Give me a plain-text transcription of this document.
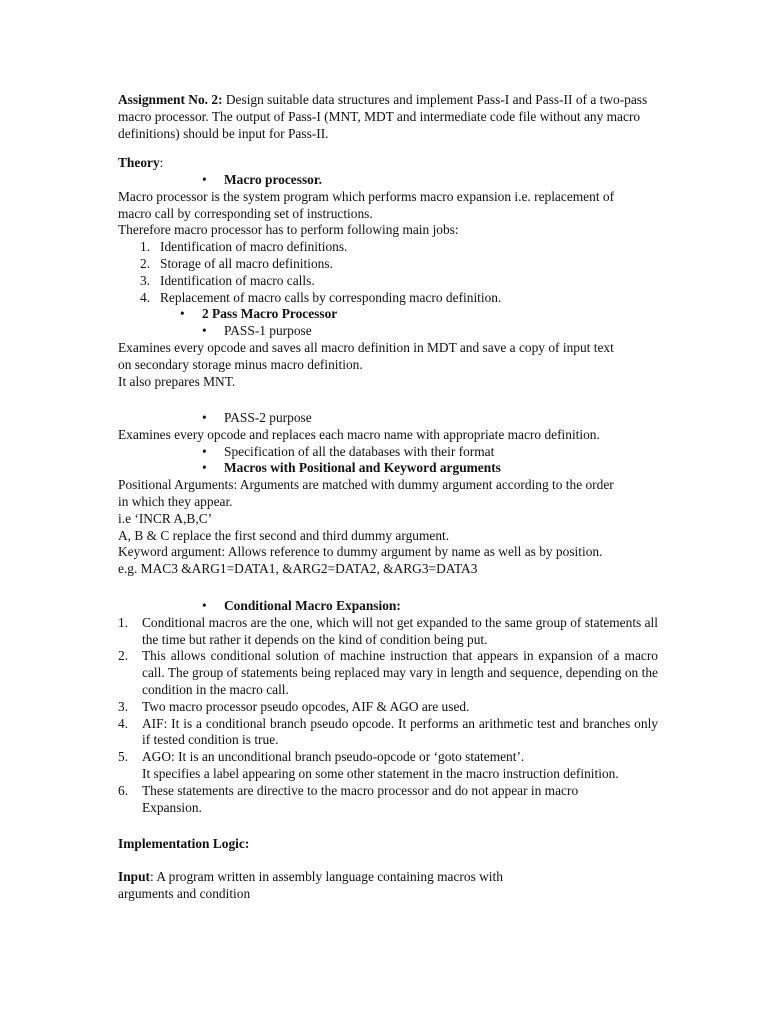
Assignment No. 2: Design suitable data structures and implement Pass-I and Pass-II of a two-pass macro processor. The output of Pass-I (MNT, MDT and intermediate code file without any macro definitions) should be input for Pass-II.

Theory:

• Macro processor.

Macro processor is the system program which performs macro expansion i.e. replacement of

macro call by corresponding set of instructions.

Therefore macro processor has to perform following main jobs:

1. Identification of macro definitions.
2. Storage of all macro definitions.
3. Identification of macro calls.
4. Replacement of macro calls by corresponding macro definition.

• 2 Pass Macro Processor

• PASS-1 purpose

Examines every opcode and saves all macro definition in MDT and save a copy of input text

on secondary storage minus macro definition.

It also prepares MNT.

• PASS-2 purpose

Examines every opcode and replaces each macro name with appropriate macro definition.

• Specification of all the databases with their format

• Macros with Positional and Keyword arguments

Positional Arguments: Arguments are matched with dummy argument according to the order

in which they appear.

i.e ‘INCR A,B,C’

A, B & C replace the first second and third dummy argument.

Keyword argument: Allows reference to dummy argument by name as well as by position.

e.g. MAC3 &ARG1=DATA1, &ARG2=DATA2, &ARG3=DATA3

• Conditional Macro Expansion:

1. Conditional macros are the one, which will not get expanded to the same group of statements all the time but rather it depends on the kind of condition being put.
2. This allows conditional solution of machine instruction that appears in expansion of a macro call. The group of statements being replaced may vary in length and sequence, depending on the condition in the macro call.
3. Two macro processor pseudo opcodes, AIF & AGO are used.
4. AIF: It is a conditional branch pseudo opcode. It performs an arithmetic test and branches only if tested condition is true.
5. AGO: It is an unconditional branch pseudo-opcode or ‘goto statement’.
It specifies a label appearing on some other statement in the macro instruction definition.
6. These statements are directive to the macro processor and do not appear in macro Expansion.

Implementation Logic:

Input: A program written in assembly language containing macros with

arguments and condition
